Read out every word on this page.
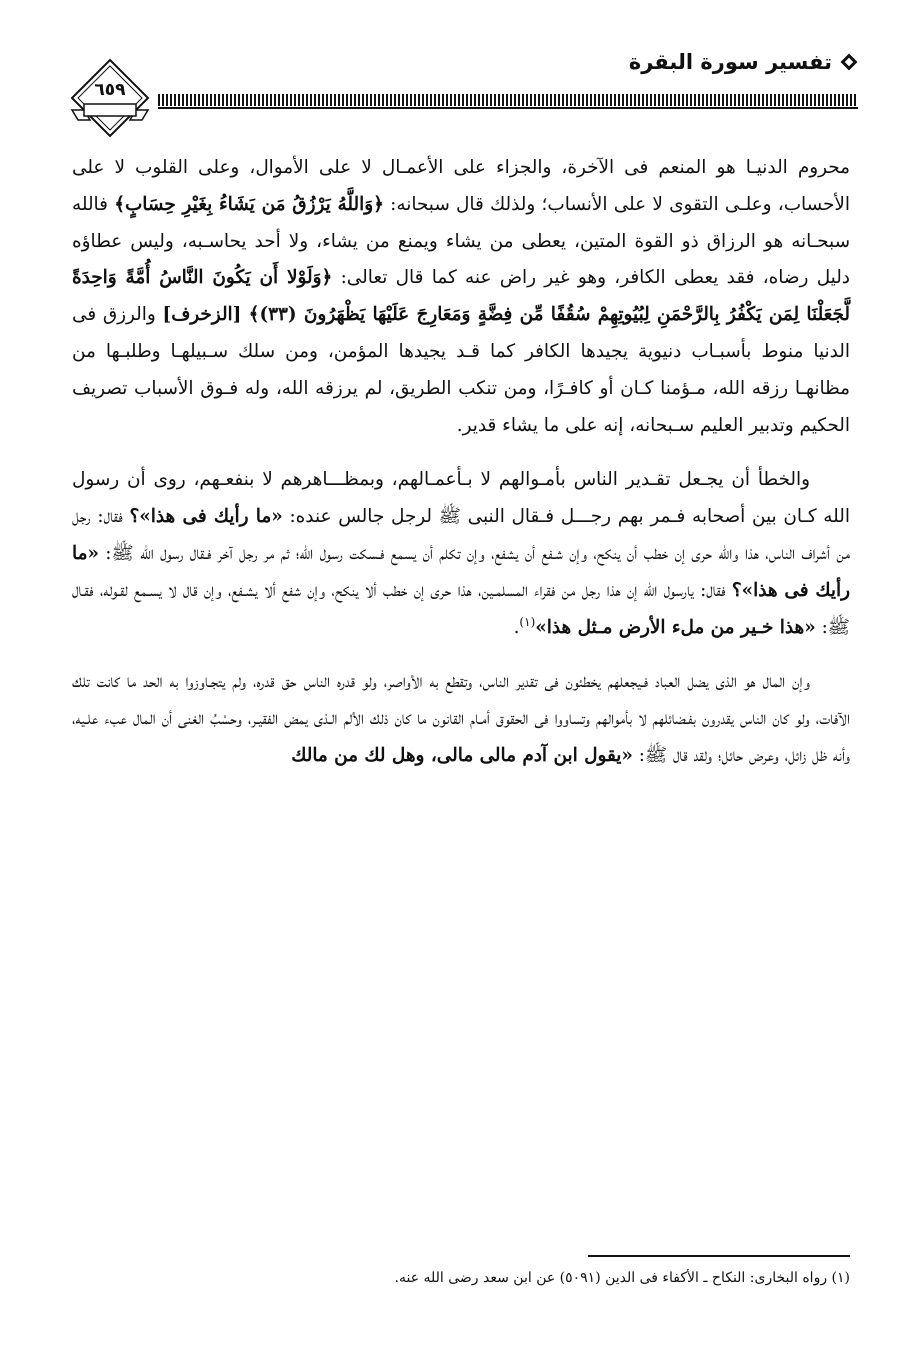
تفسير سورة البقرة
٦٥٩

محروم الدنيـا هو المنعم فى الآخرة، والجزاء على الأعمـال لا على الأموال، وعلى القلوب لا على الأحساب، وعلـى التقوى لا على الأنساب؛ ولذلك قال سبحانه: ﴿وَاللَّهُ يَرْزُقُ مَن يَشَاءُ بِغَيْرِ حِسَابٍ﴾ فالله سبحـانه هو الرزاق ذو القوة المتين، يعطى من يشاء ويمنع من يشاء، ولا أحد يحاسـبه، وليس عطاؤه دليل رضاه، فقد يعطى الكافر، وهو غير راض عنه كما قال تعالى: ﴿وَلَوْلا أَن يَكُونَ النَّاسُ أُمَّةً وَاحِدَةً لَّجَعَلْنَا لِمَن يَكْفُرُ بِالرَّحْمَنِ لِبُيُوتِهِمْ سُقُفًا مِّن فِضَّةٍ وَمَعَارِجَ عَلَيْهَا يَظْهَرُونَ (٣٣)﴾ [الزخرف] والرزق فى الدنيا منوط بأسبـاب دنيوية يجيدها الكافر كما قـد يجيدها المؤمن، ومن سلك سـبيلهـا وطلبـها من مظانهـا رزقه الله، مـؤمنا كـان أو كافـرًا، ومن تنكب الطريق، لم يرزقه الله، وله فـوق الأسباب تصريف الحكيم وتدبير العليم سـبحانه، إنه على ما يشاء قدير.

والخطأ أن يجـعل تقـدير الناس بأمـوالهم لا بـأعمـالهم، وبمظـــاهرهم لا بنفعـهم، روى أن رسول الله كـان بين أصحابه فـمر بهم رجـــل فـقال النبى ﷺ لرجل جالس عنده: «ما رأيك فى هذا»؟ فقال: رجل من أشراف الناس، هذا والله حرى إن خطب أن ينكح، وإن شـفع أن يشفع، وإن تكلم أن يسمع فـسكت رسول الله؛ ثم مر رجل آخر فـقال رسول الله ﷺ: «ما رأيك فى هذا»؟ فقال: يارسول الله إن هذا رجل من فقراء المسلمـين، هذا حرى إن خطب ألا ينكح، وإن شفع ألا يشـفع، وإن قال لا يسـمع لقـوله، فقـال ﷺ: «هذا خـير من ملء الأرض مـثل هذا»$^{(١)}$.

وإن المال هو الذى يضل العباد فـيجعلهم يخطئون فى تقدير الناس، وتقطع به الأواصر، ولو قدره الناس حق قدره، ولم يتجـاوزوا به الحد ما كانت تلك الآفات، ولو كان الناس يقدرون بفـضائلهم لا بأموالهم وتساووا فى الحقوق أمـام القانون ما كان ذلك الألم الـذى يمض الفقيـر، وحسْبُ الغنى أن المال عبء علـيه، وأنه ظل زائل، وعرض حائل؛ ولقد قال ﷺ: «يقول ابن آدم مالى مالى، وهل لك من مالك

(١) رواه البخارى: النكاح ـ الأكفاء فى الدين (٥٠٩١) عن ابن سعد رضى الله عنه.
